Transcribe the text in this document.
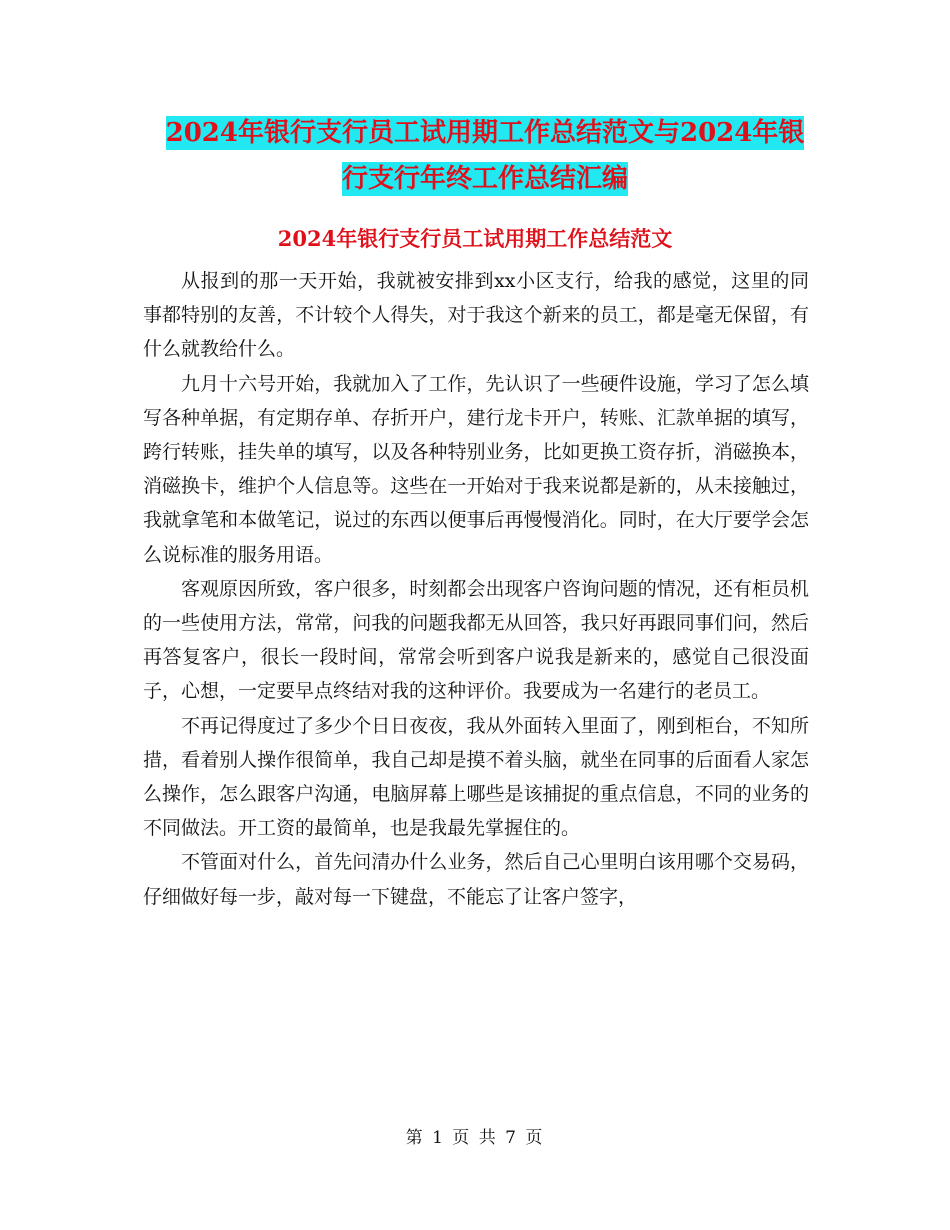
2024年银行支行员工试用期工作总结范文与2024年银
行支行年终工作总结汇编
2024年银行支行员工试用期工作总结范文

从报到的那一天开始，我就被安排到xx小区支行，给我的感觉，这里的同事都特别的友善，不计较个人得失，对于我这个新来的员工，都是毫无保留，有什么就教给什么。

九月十六号开始，我就加入了工作，先认识了一些硬件设施，学习了怎么填写各种单据，有定期存单、存折开户，建行龙卡开户，转账、汇款单据的填写，跨行转账，挂失单的填写，以及各种特别业务，比如更换工资存折，消磁换本，消磁换卡，维护个人信息等。这些在一开始对于我来说都是新的，从未接触过，我就拿笔和本做笔记，说过的东西以便事后再慢慢消化。同时，在大厅要学会怎么说标准的服务用语。

客观原因所致，客户很多，时刻都会出现客户咨询问题的情况，还有柜员机的一些使用方法，常常，问我的问题我都无从回答，我只好再跟同事们问，然后再答复客户，很长一段时间，常常会听到客户说我是新来的，感觉自己很没面子，心想，一定要早点终结对我的这种评价。我要成为一名建行的老员工。

不再记得度过了多少个日日夜夜，我从外面转入里面了，刚到柜台，不知所措，看着别人操作很简单，我自己却是摸不着头脑，就坐在同事的后面看人家怎么操作，怎么跟客户沟通，电脑屏幕上哪些是该捕捉的重点信息，不同的业务的不同做法。开工资的最简单，也是我最先掌握住的。

不管面对什么，首先问清办什么业务，然后自己心里明白该用哪个交易码，仔细做好每一步，敲对每一下键盘，不能忘了让客户签字，

第 1 页 共 7 页
